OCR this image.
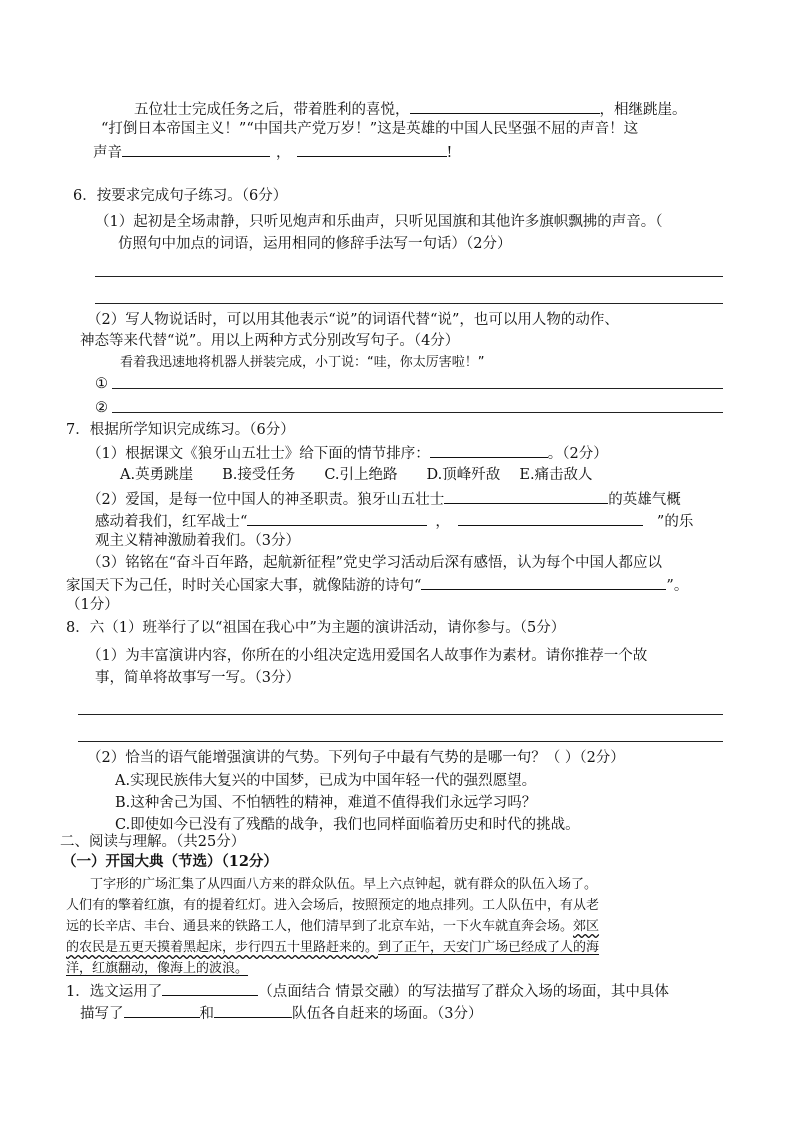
五位壮士完成任务之后，带着胜利的喜悦，	，相继跳崖。
“打倒日本帝国主义！”“中国共产党万岁！”这是英雄的中国人民坚强不屈的声音！这
声音	，	!
6．按要求完成句子练习。（6分）
（1）起初是全场肃静，只听见炮声和乐曲声，只听见国旗和其他许多旗帜飘拂的声音。（
仿照句中加点的词语，运用相同的修辞手法写一句话）（2分）
（2）写人物说话时，可以用其他表示“说”的词语代替“说”，也可以用人物的动作、
神态等来代替“说”。用以上两种方式分别改写句子。（4分）
看着我迅速地将机器人拼装完成，小丁说：“哇，你太厉害啦！”
①
②
7．根据所学知识完成练习。（6分）
（1）根据课文《狼牙山五壮士》给下面的情节排序：	。（2分）
A.英勇跳崖　　B.接受任务　　C.引上绝路　　D.顶峰歼敌　 E.痛击敌人
（2）爱国，是每一位中国人的神圣职责。狼牙山五壮士	的英雄气概
感动着我们，红军战士“	，	”的乐
观主义精神激励着我们。（3分）
（3）铭铭在“奋斗百年路，起航新征程”党史学习活动后深有感悟，认为每个中国人都应以
家国天下为己任，时时关心国家大事，就像陆游的诗句“	”。
（1分）
8．六（1）班举行了以“祖国在我心中”为主题的演讲活动，请你参与。（5分）
（1）为丰富演讲内容，你所在的小组决定选用爱国名人故事作为素材。请你推荐一个故
事，简单将故事写一写。（3分）
（2）恰当的语气能增强演讲的气势。下列句子中最有气势的是哪一句？（ ）（2分）
A.实现民族伟大复兴的中国梦，已成为中国年轻一代的强烈愿望。
B.这种舍己为国、不怕牺牲的精神，难道不值得我们永远学习吗？
C.即使如今已没有了残酷的战争，我们也同样面临着历史和时代的挑战。
二、阅读与理解。（共25分）
（一）开国大典（节选）（12分）
丁字形的广场汇集了从四面八方来的群众队伍。早上六点钟起，就有群众的队伍入场了。
人们有的擎着红旗，有的提着红灯。进入会场后，按照预定的地点排列。工人队伍中，有从老
远的长辛店、丰台、通县来的铁路工人，他们清早到了北京车站，一下火车就直奔会场。郊区
的农民是五更天摸着黑起床，步行四五十里路赶来的。到了正午，天安门广场已经成了人的海
洋，红旗翻动，像海上的波浪。
1．选文运用了	（点面结合 情景交融）的写法描写了群众入场的场面，其中具体
描写了	和	队伍各自赶来的场面。（3分）
